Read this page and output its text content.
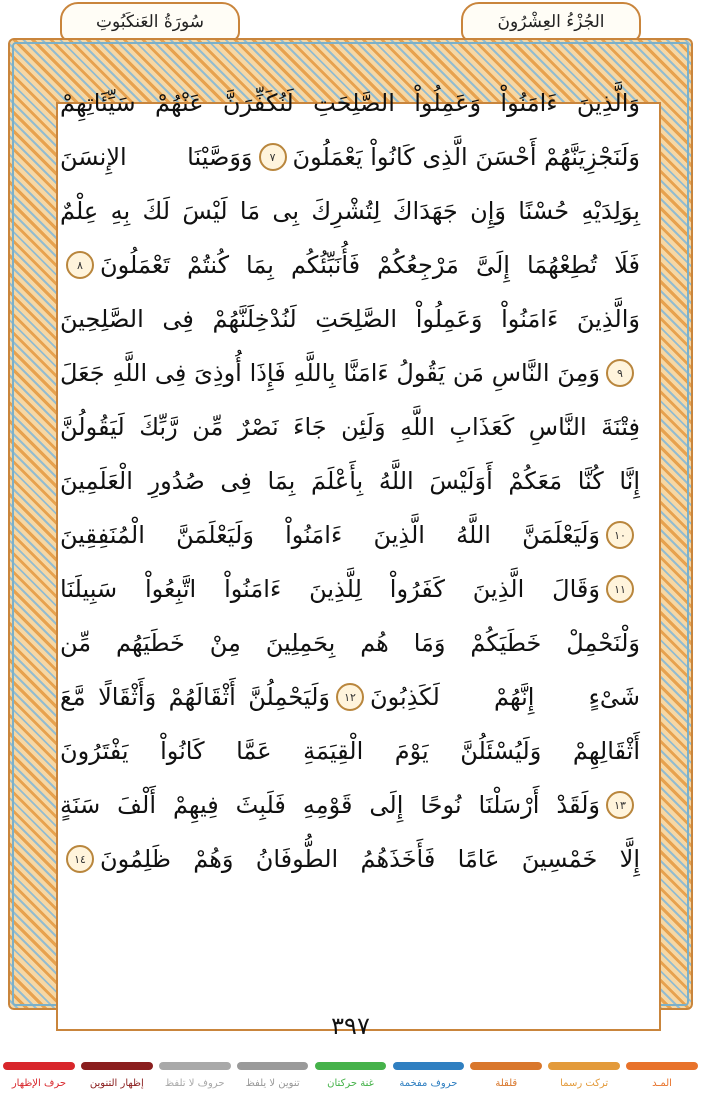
سُورَةُ العَنكَبُوتِ	الجُزْءُ العِشْرُونَ
وَالَّذِينَ ءَامَنُواْ وَعَمِلُواْ الصَّلِحَتِ لَنُكَفِّرَنَّ عَنْهُمْ سَيِّئَاتِهِمْ
وَلَنَجْزِيَنَّهُمْ أَحْسَنَ الَّذِى كَانُواْ يَعْمَلُونَ
٧
وَوَصَّيْنَا الإِنسَنَ
بِوَلِدَيْهِ حُسْنًا وَإِن جَهَدَاكَ لِتُشْرِكَ بِى مَا لَيْسَ لَكَ بِهِ عِلْمٌ
فَلَا تُطِعْهُمَا إِلَىَّ مَرْجِعُكُمْ فَأُنَبِّئُكُم بِمَا كُنتُمْ تَعْمَلُونَ
٨
وَالَّذِينَ ءَامَنُواْ وَعَمِلُواْ الصَّلِحَتِ لَنُدْخِلَنَّهُمْ فِى الصَّلِحِينَ
٩
وَمِنَ النَّاسِ مَن يَقُولُ ءَامَنَّا بِاللَّهِ فَإِذَا أُوذِىَ فِى اللَّهِ جَعَلَ
فِتْنَةَ النَّاسِ كَعَذَابِ اللَّهِ وَلَئِن جَاءَ نَصْرٌ مِّن رَّبِّكَ لَيَقُولُنَّ
إِنَّا كُنَّا مَعَكُمْ أَوَلَيْسَ اللَّهُ بِأَعْلَمَ بِمَا فِى صُدُورِ الْعَلَمِينَ
١٠
وَلَيَعْلَمَنَّ اللَّهُ الَّذِينَ ءَامَنُواْ وَلَيَعْلَمَنَّ الْمُنَفِقِينَ
١١
وَقَالَ الَّذِينَ كَفَرُواْ لِلَّذِينَ ءَامَنُواْ اتَّبِعُواْ سَبِيلَنَا
وَلْنَحْمِلْ خَطَيَكُمْ وَمَا هُم بِحَمِلِينَ مِنْ خَطَيَهُم مِّن
شَىْءٍ إِنَّهُمْ لَكَذِبُونَ
١٢
وَلَيَحْمِلُنَّ أَثْقَالَهُمْ وَأَثْقَالًا مَّعَ
أَثْقَالِهِمْ وَلَيُسْئَلُنَّ يَوْمَ الْقِيَمَةِ عَمَّا كَانُواْ يَفْتَرُونَ
١٣
وَلَقَدْ أَرْسَلْنَا نُوحًا إِلَى قَوْمِهِ فَلَبِثَ فِيهِمْ أَلْفَ سَنَةٍ
إِلَّا خَمْسِينَ عَامًا فَأَخَذَهُمُ الطُّوفَانُ وَهُمْ ظَلِمُونَ
١٤
٣٩٧
المـد
تركت رسما
قلقلة
حروف مفخمة
غنة حركتان
تنوين لا يلفظ
حروف لا تلفظ
إظهار التنوين
حرف الإظهار
